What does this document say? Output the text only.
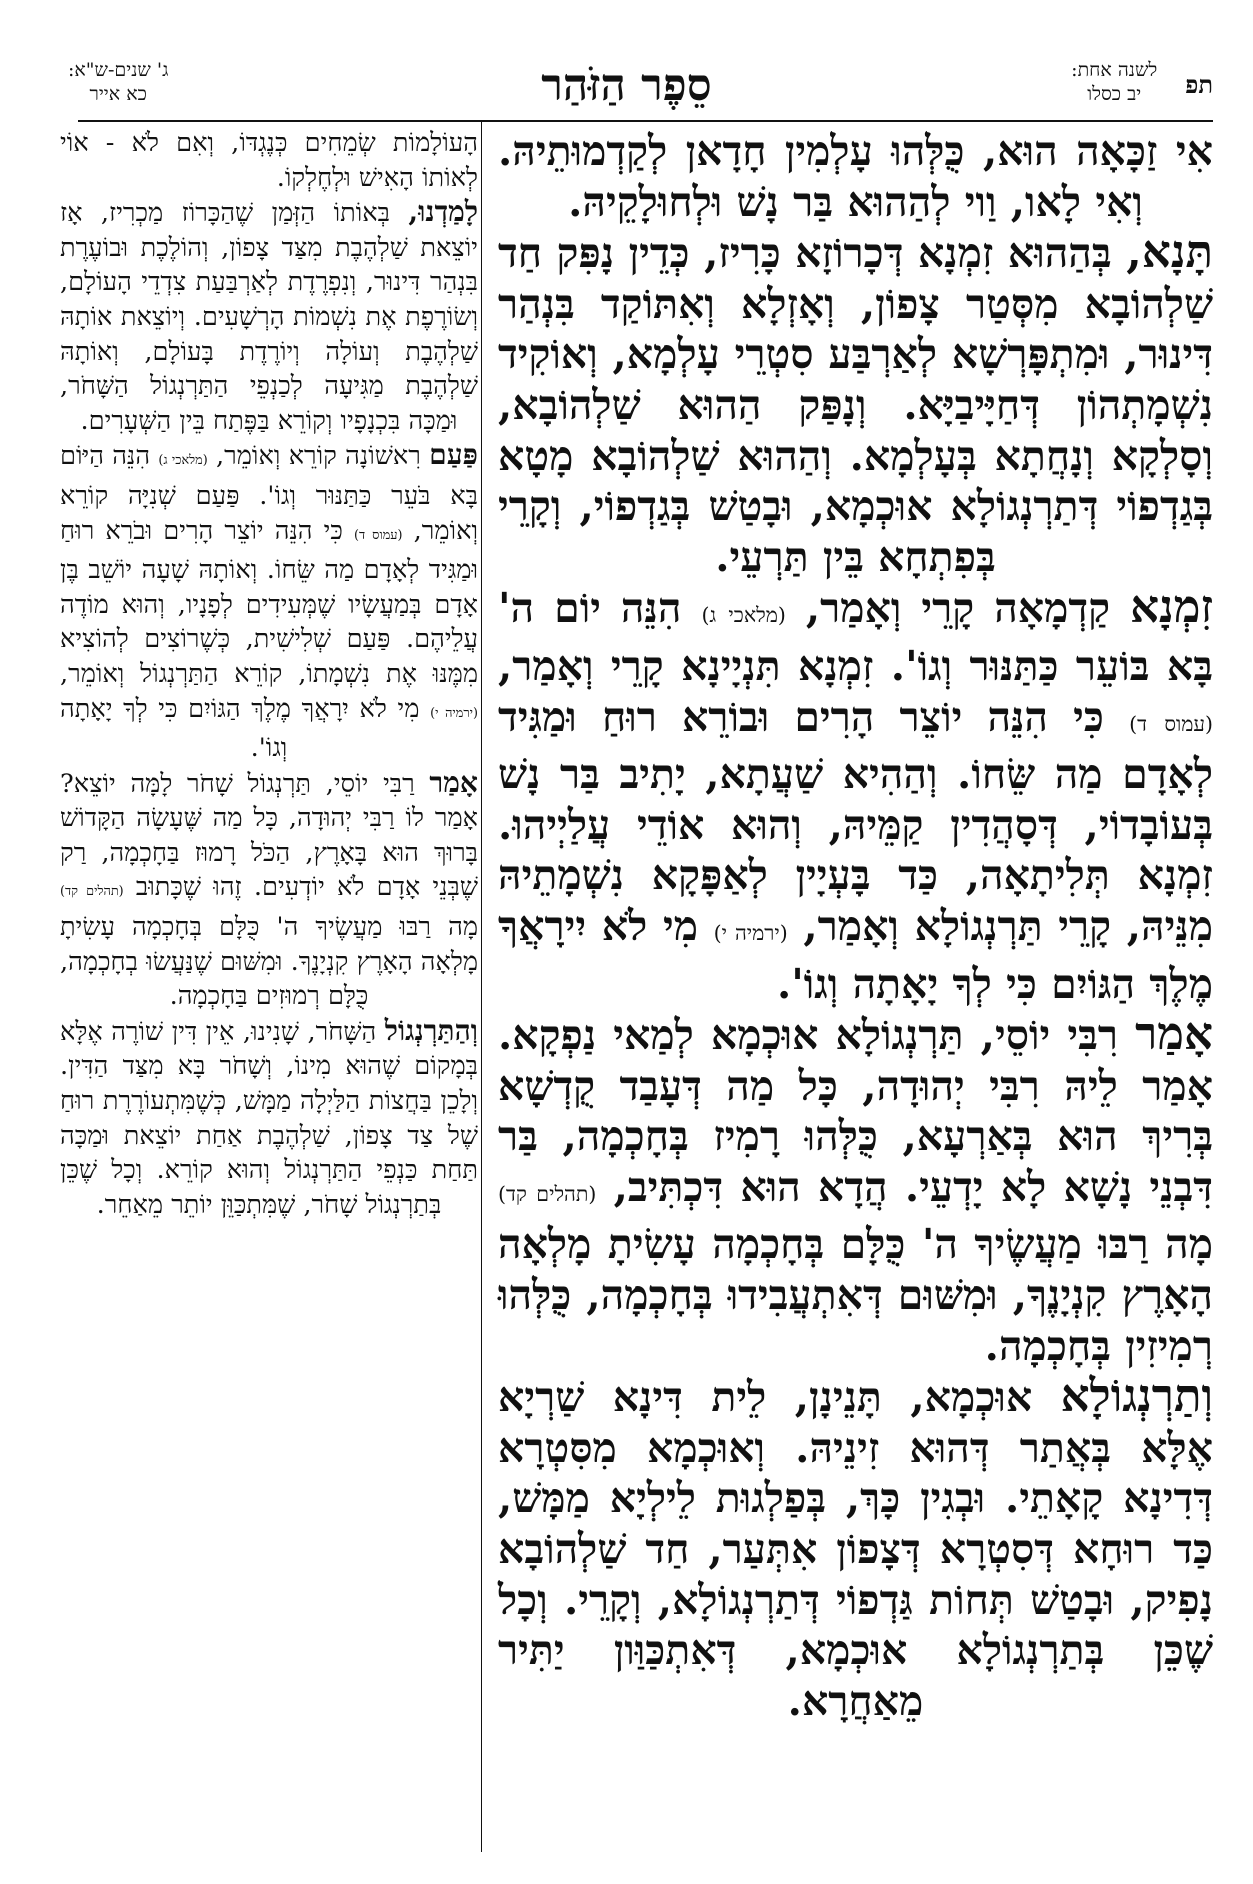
תפ
לשנה אחת:
יב כסלו
סֵפֶר הַזֹּהַר
ג' שנים-ש"א:
כא אייר

אִי זַכָּאָה הוּא, כֻּלְּהוּ עָלְמִין חָדָאן לְקַדְמוּתֵיהּ. וְאִי לָאו, וַוי לְהַהוּא בַּר נָשׁ וּלְחוּלָקֵיהּ.

תָּנָא, בְּהַהוּא זִמְנָא דְּכָרוֹזָא כָּרִיז, כְּדֵין נָפִּק חַד שַׁלְהוֹבָא מִסְּטַר צָפוֹן, וְאָזְלָא וְאִתּוֹקַד בִּנְהַר דִּינוּר, וּמִתְפָּרְשָׁא לְאַרְבַּע סִטְרֵי עָלְמָא, וְאוֹקִיד נִשְׁמָתְהוֹן דְּחַיָּיבַיָּא. וְנָפַּק הַהוּא שַׁלְהוֹבָא, וְסָלְקָא וְנָחֲתָא בְּעָלְמָא. וְהַהוּא שַׁלְהוֹבָא מָטָא בְּגַדְפוֹי דְּתַרְנְגוֹלָא אוּכְמָא, וּבָטַשׁ בְּגַדְפוֹי, וְקָרֵי בְּפִתְחָא בֵּין תַּרְעֵי.

זִמְנָא קַדְמָאָה קָרֵי וְאָמַר, (מלאכי ג) הִנֵּה יוֹם ה' בָּא בּוֹעֵר כַּתַּנּוּר וְגוֹ'. זִמְנָא תִּנְיָינָא קָרֵי וְאָמַר, (עמוס ד) כִּי הִנֵּה יוֹצֵר הָרִים וּבוֹרֵא רוּחַ וּמַגִּיד לְאָדָם מַה שֵּׂחוֹ. וְהַהִיא שַׁעֲתָא, יָתִיב בַּר נָשׁ בְּעוֹבָדוֹי, דְּסָהֲדִין קַמֵּיהּ, וְהוּא אוֹדֵי עֲלַיְיהוּ. זִמְנָא תְּלִיתָאָה, כַּד בָּעְיָין לְאַפָּקָא נִשְׁמָתֵיהּ מִנֵּיהּ, קָרֵי תַּרְנְגוֹלָא וְאָמַר, (ירמיה י) מִי לֹא יִירָאֲךָ מֶלֶךְ הַגּוֹיִם כִּי לְךָ יָאָתָה וְגוֹ'.

אָמַר רִבִּי יוֹסֵי, תַּרְנְגוֹלָא אוּכְמָא לְמַאי נַפְקָא. אָמַר לֵיהּ רִבִּי יְהוּדָה, כָּל מַה דְּעָבַד קֻדְשָׁא בְּרִיךְ הוּא בְּאַרְעָא, כֻּלְּהוּ רָמִיז בְּחָכְמָה, בַּר דִּבְנֵי נָשָׁא לָא יָדְעֵי. הֲדָא הוּא דִּכְתִּיב, (תהלים קד) מָה רַבּוּ מַעֲשֶׂיךָ ה' כֻּלָּם בְּחָכְמָה עָשִׂיתָ מָלְאָה הָאָרֶץ קִנְיָנֶךָ, וּמִשּׁוּם דְּאִתְעֲבִידוּ בְּחָכְמָה, כֻּלְּהוּ רְמִיזִין בְּחָכְמָה.

וְתַרְנְגוֹלָא אוּכְמָא, תָּנֵינָן, לֵית דִּינָא שַׁרְיָא אֶלָּא בְּאֲתַר דְּהוּא זִינֵיהּ. וְאוּכְמָא מִסִּטְרָא דְּדִינָא קָאָתֵי. וּבְגִין כָּךְ, בְּפַלְגוּת לֵילְיָא מַמָּשׁ, כַּד רוּחָא דְּסִטְרָא דְּצָפוֹן אִתְּעַר, חַד שַׁלְהוֹבָא נָפִיק, וּבָטַשׁ תְּחוֹת גַּדְפוֹי דְּתַרְנְגוֹלָא, וְקָרֵי. וְכָל שֶׁכֵּן בְּתַרְנְגוֹלָא אוּכְמָא, דְּאִתְכַּוַּון יַתִּיר מֵאַחֲרָא.

הָעוֹלָמוֹת שְׂמֵחִים כְּנֶגְדּוֹ, וְאִם לֹא - אוֹי לְאוֹתוֹ הָאִישׁ וּלְחֶלְקוֹ.

לָמַדְנוּ, בְּאוֹתוֹ הַזְּמַן שֶׁהַכָּרוֹז מַכְרִיז, אָז יוֹצֵאת שַׁלְהֶבֶת מִצַּד צָפוֹן, וְהוֹלֶכֶת וּבוֹעֶרֶת בִּנְהַר דִּינוּר, וְנִפְרֶדֶת לְאַרְבַּעַת צִדְדֵי הָעוֹלָם, וְשׂוֹרֶפֶת אֶת נִשְׁמוֹת הָרְשָׁעִים. וְיוֹצֵאת אוֹתָהּ שַׁלְהֶבֶת וְעוֹלָה וְיוֹרֶדֶת בָּעוֹלָם, וְאוֹתָהּ שַׁלְהֶבֶת מַגִּיעָה לְכַנְפֵי הַתַּרְנְגוֹל הַשָּׁחֹר, וּמַכָּה בִּכְנָפָיו וְקוֹרֵא בַּפֶּתַח בֵּין הַשְּׁעָרִים.

פַּעַם רִאשׁוֹנָה קוֹרֵא וְאוֹמֵר, (מלאכי ג) הִנֵּה הַיּוֹם בָּא בֹּעֵר כַּתַּנּוּר וְגוֹ'. פַּעַם שְׁנִיָּה קוֹרֵא וְאוֹמֵר, (עמוס ד) כִּי הִנֵּה יוֹצֵר הָרִים וּבֹרֵא רוּחַ וּמַגִּיד לְאָדָם מַה שֵּׂחוֹ. וְאוֹתָהּ שָׁעָה יוֹשֵׁב בֶּן אָדָם בְּמַעֲשָׂיו שֶׁמְּעִידִים לְפָנָיו, וְהוּא מוֹדֶה עֲלֵיהֶם. פַּעַם שְׁלִישִׁית, כְּשֶׁרוֹצִים לְהוֹצִיא מִמֶּנּוּ אֶת נִשְׁמָתוֹ, קוֹרֵא הַתַּרְנְגוֹל וְאוֹמֵר, (ירמיה י) מִי לֹא יִרָאֲךָ מֶלֶךְ הַגּוֹיִם כִּי לְךָ יָאָתָה וְגוֹ'.

אָמַר רַבִּי יוֹסֵי, תַּרְנְגוֹל שָׁחֹר לָמָּה יוֹצֵא? אָמַר לוֹ רַבִּי יְהוּדָה, כָּל מַה שֶּׁעָשָׂה הַקָּדוֹשׁ בָּרוּךְ הוּא בָּאָרֶץ, הַכֹּל רָמוּז בַּחָכְמָה, רַק שֶׁבְּנֵי אָדָם לֹא יוֹדְעִים. זֶהוּ שֶׁכָּתוּב (תהלים קד) מָה רַבּוּ מַעֲשֶׂיךָ ה' כֻּלָּם בְּחָכְמָה עָשִׂיתָ מָלְאָה הָאָרֶץ קִנְיָנֶךָ. וּמִשּׁוּם שֶׁנַּעֲשׂוּ בְחָכְמָה, כֻּלָּם רְמוּזִים בַּחָכְמָה.

וְהַתַּרְנְגוֹל הַשָּׁחֹר, שָׁנִינוּ, אֵין דִּין שׁוֹרֶה אֶלָּא בְּמָקוֹם שֶׁהוּא מִינוֹ, וְשָׁחֹר בָּא מִצַּד הַדִּין. וְלָכֵן בַּחֲצוֹת הַלַּיְלָה מַמָּשׁ, כְּשֶׁמִּתְעוֹרֶרֶת רוּחַ שֶׁל צַד צָפוֹן, שַׁלְהֶבֶת אַחַת יוֹצֵאת וּמַכָּה תַּחַת כַּנְפֵי הַתַּרְנְגוֹל וְהוּא קוֹרֵא. וְכָל שֶׁכֵּן בְּתַרְנְגוֹל שָׁחֹר, שֶׁמִּתְכַּוֵּן יוֹתֵר מֵאַחֵר.
